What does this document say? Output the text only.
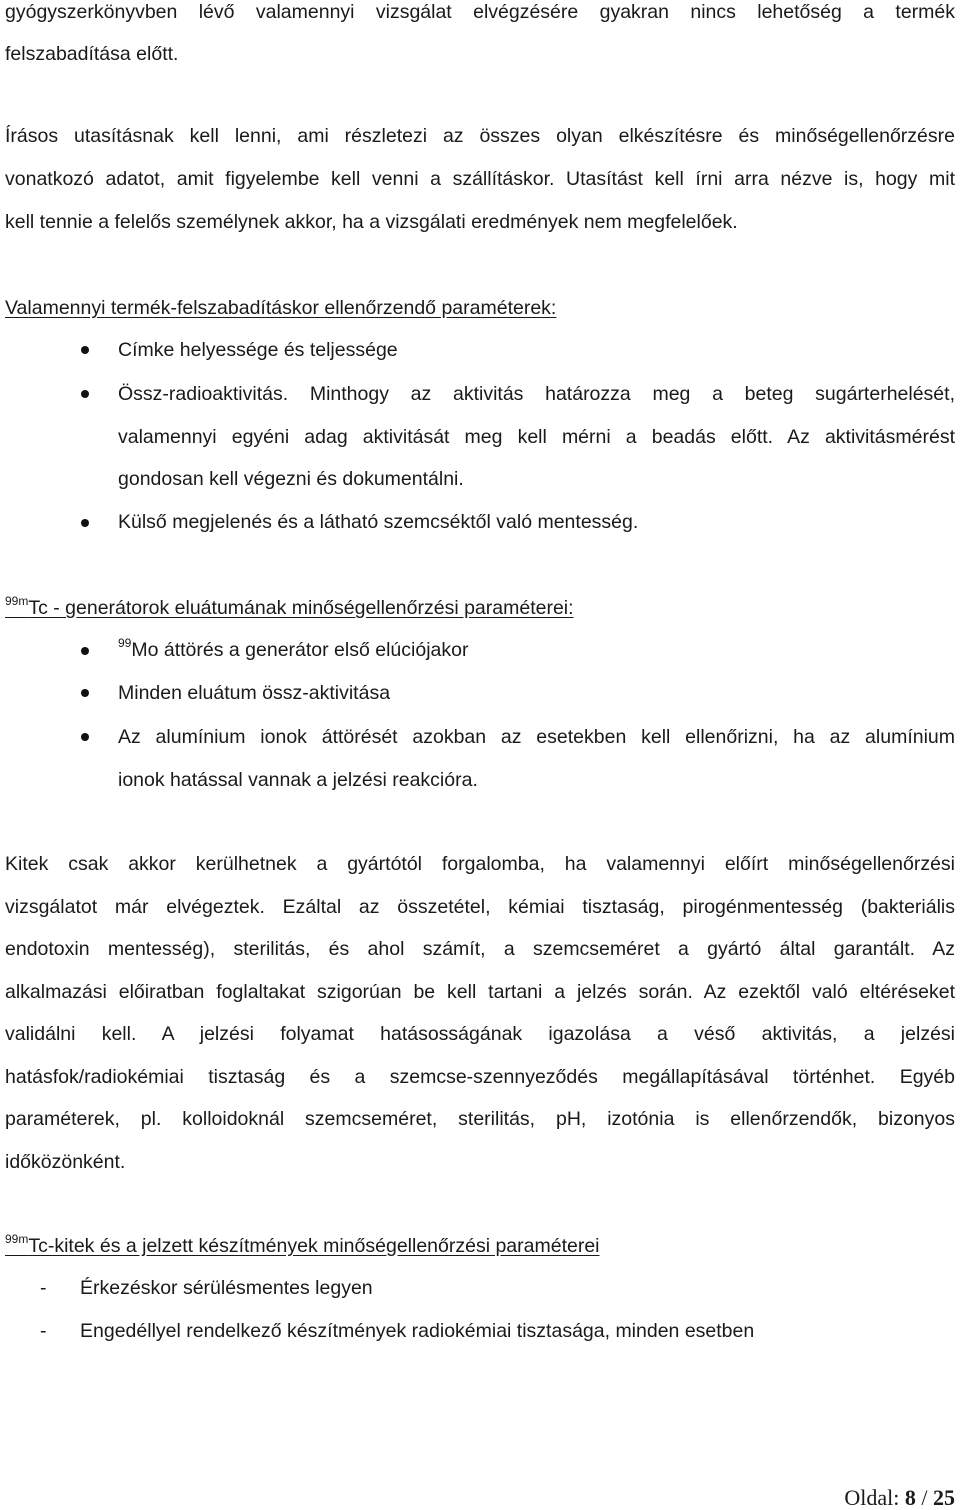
gyógyszerkönyvben lévő valamennyi vizsgálat elvégzésére gyakran nincs lehetőség a termék
felszabadítása előtt.
Írásos utasításnak kell lenni, ami részletezi az összes olyan elkészítésre és minőségellenőrzésre
vonatkozó adatot, amit figyelembe kell venni a szállításkor. Utasítást kell írni arra nézve is, hogy mit
kell tennie a felelős személynek akkor, ha a vizsgálati eredmények nem megfelelőek.
Valamennyi termék-felszabadításkor ellenőrzendő paraméterek:
Címke helyessége és teljessége
Össz-radioaktivitás. Minthogy az aktivitás határozza meg a beteg sugárterhelését,
valamennyi egyéni adag aktivitását meg kell mérni a beadás előtt. Az aktivitásmérést
gondosan kell végezni és dokumentálni.
Külső megjelenés és a látható szemcséktől való mentesség.
$^{99m}$Tc - generátorok eluátumának minőségellenőrzési paraméterei:
$^{99}$Mo áttörés a generátor első elúciójakor
Minden eluátum össz-aktivitása
Az alumínium ionok áttörését azokban az esetekben kell ellenőrizni, ha az alumínium
ionok hatással vannak a jelzési reakcióra.
Kitek csak akkor kerülhetnek a gyártótól forgalomba, ha valamennyi előírt minőségellenőrzési
vizsgálatot már elvégeztek. Ezáltal az összetétel, kémiai tisztaság, pirogénmentesség (bakteriális
endotoxin mentesség), sterilitás, és ahol számít, a szemcseméret a gyártó által garantált. Az
alkalmazási előiratban foglaltakat szigorúan be kell tartani a jelzés során. Az ezektől való eltéréseket
validálni kell. A jelzési folyamat hatásosságának igazolása a véső aktivitás, a jelzési
hatásfok/radiokémiai tisztaság és a szemcse-szennyeződés megállapításával történhet. Egyéb
paraméterek, pl. kolloidoknál szemcseméret, sterilitás, pH, izotónia is ellenőrzendők, bizonyos
időközönként.
$^{99m}$Tc-kitek és a jelzett készítmények minőségellenőrzési paraméterei
- Érkezéskor sérülésmentes legyen
- Engedéllyel rendelkező készítmények radiokémiai tisztasága, minden esetben
Oldal: 8 / 25
